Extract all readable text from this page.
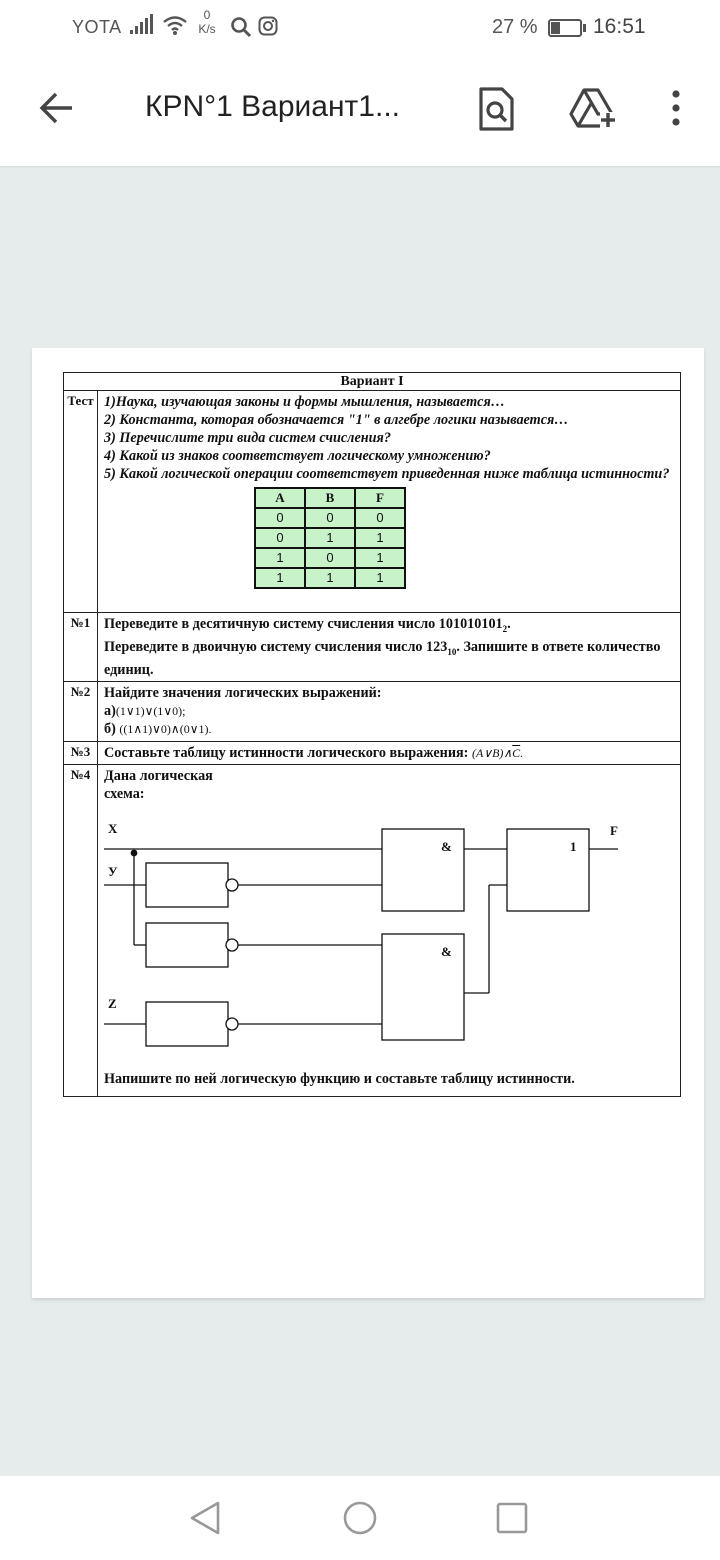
YOTA
0
K/s	27 %	16:51
КРN°1 Вариант1...
Вариант I
Тест	1)Наука, изучающая законы и формы мышления, называется…
2) Константа, которая обозначается "1" в алгебре логики называется…
3) Перечислите три вида систем счисления?
4) Какой из знаков соответствует логическому умножению?
5) Какой логической операции соответствует приведенная ниже таблица истинности?
A	B	F
0	0	0
0	1	1
1	0	1
1	1	1

№1	Переведите в десятичную систему счисления число $101010101_2$.
Переведите в двоичную систему счисления число $123_{10}$. Запишите в ответе количество единиц.

№2	Найдите значения логических выражений:
а)(1∨1)∨(1∨0);
б) ((1∧1)∨0)∧(0∨1).

№3	Составьте таблицу истинности логического выражения: $(A\vee B)\wedge\overline{C}$.
№4	Дана логическая
схема:
X
У
Z
&
&
1
F
Напишите по ней логическую функцию и составьте таблицу истинности.
